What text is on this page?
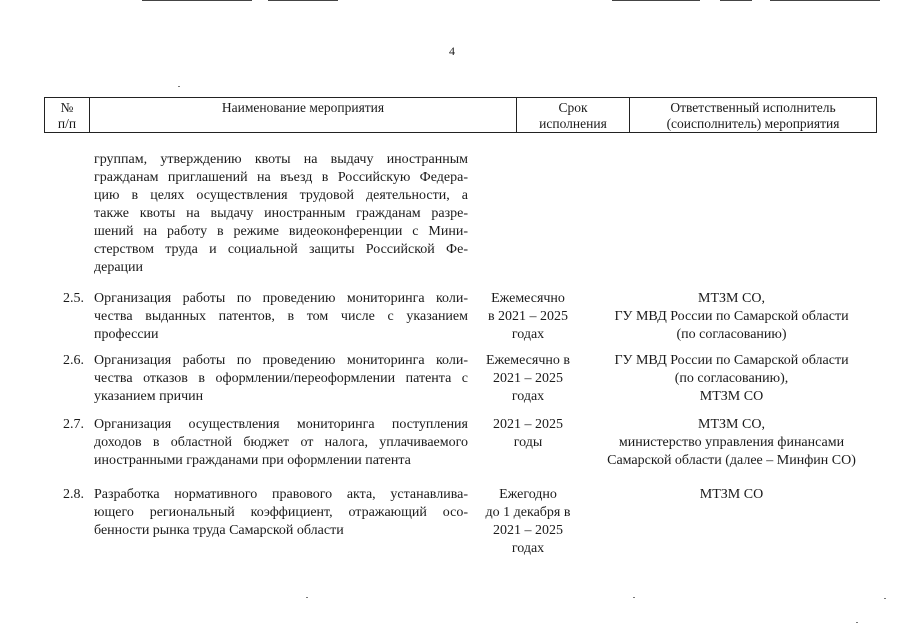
4
№
п/п
Наименование мероприятия	Срок
исполнения
Ответственный исполнитель
(соисполнитель) мероприятия
группам, утверждению квоты на выдачу иностранным
гражданам приглашений на въезд в Российскую Федера-
цию в целях осуществления трудовой деятельности, а
также квоты на выдачу иностранным гражданам разре-
шений на работу в режиме видеоконференции с Мини-
стерством труда и социальной защиты Российской Фе-
дерации
2.5. Организация работы по проведению мониторинга коли-
чества выданных патентов, в том числе с указанием
профессии
Ежемесячно
в 2021 – 2025
годах
МТЗМ СО,
ГУ МВД России по Самарской области
(по согласованию)
2.6. Организация работы по проведению мониторинга коли-
чества отказов в оформлении/переоформлении патента с
указанием причин
Ежемесячно в
2021 – 2025
годах
ГУ МВД России по Самарской области
(по согласованию),
МТЗМ СО
2.7. Организация осуществления мониторинга поступления
доходов в областной бюджет от налога, уплачиваемого
иностранными гражданами при оформлении патента
2021 – 2025
годы
МТЗМ СО,
министерство управления финансами
Самарской области (далее – Минфин СО)
2.8. Разработка нормативного правового акта, устанавлива-
ющего региональный коэффициент, отражающий осо-
бенности рынка труда Самарской области
Ежегодно
до 1 декабря в
2021 – 2025
годах
МТЗМ СО
